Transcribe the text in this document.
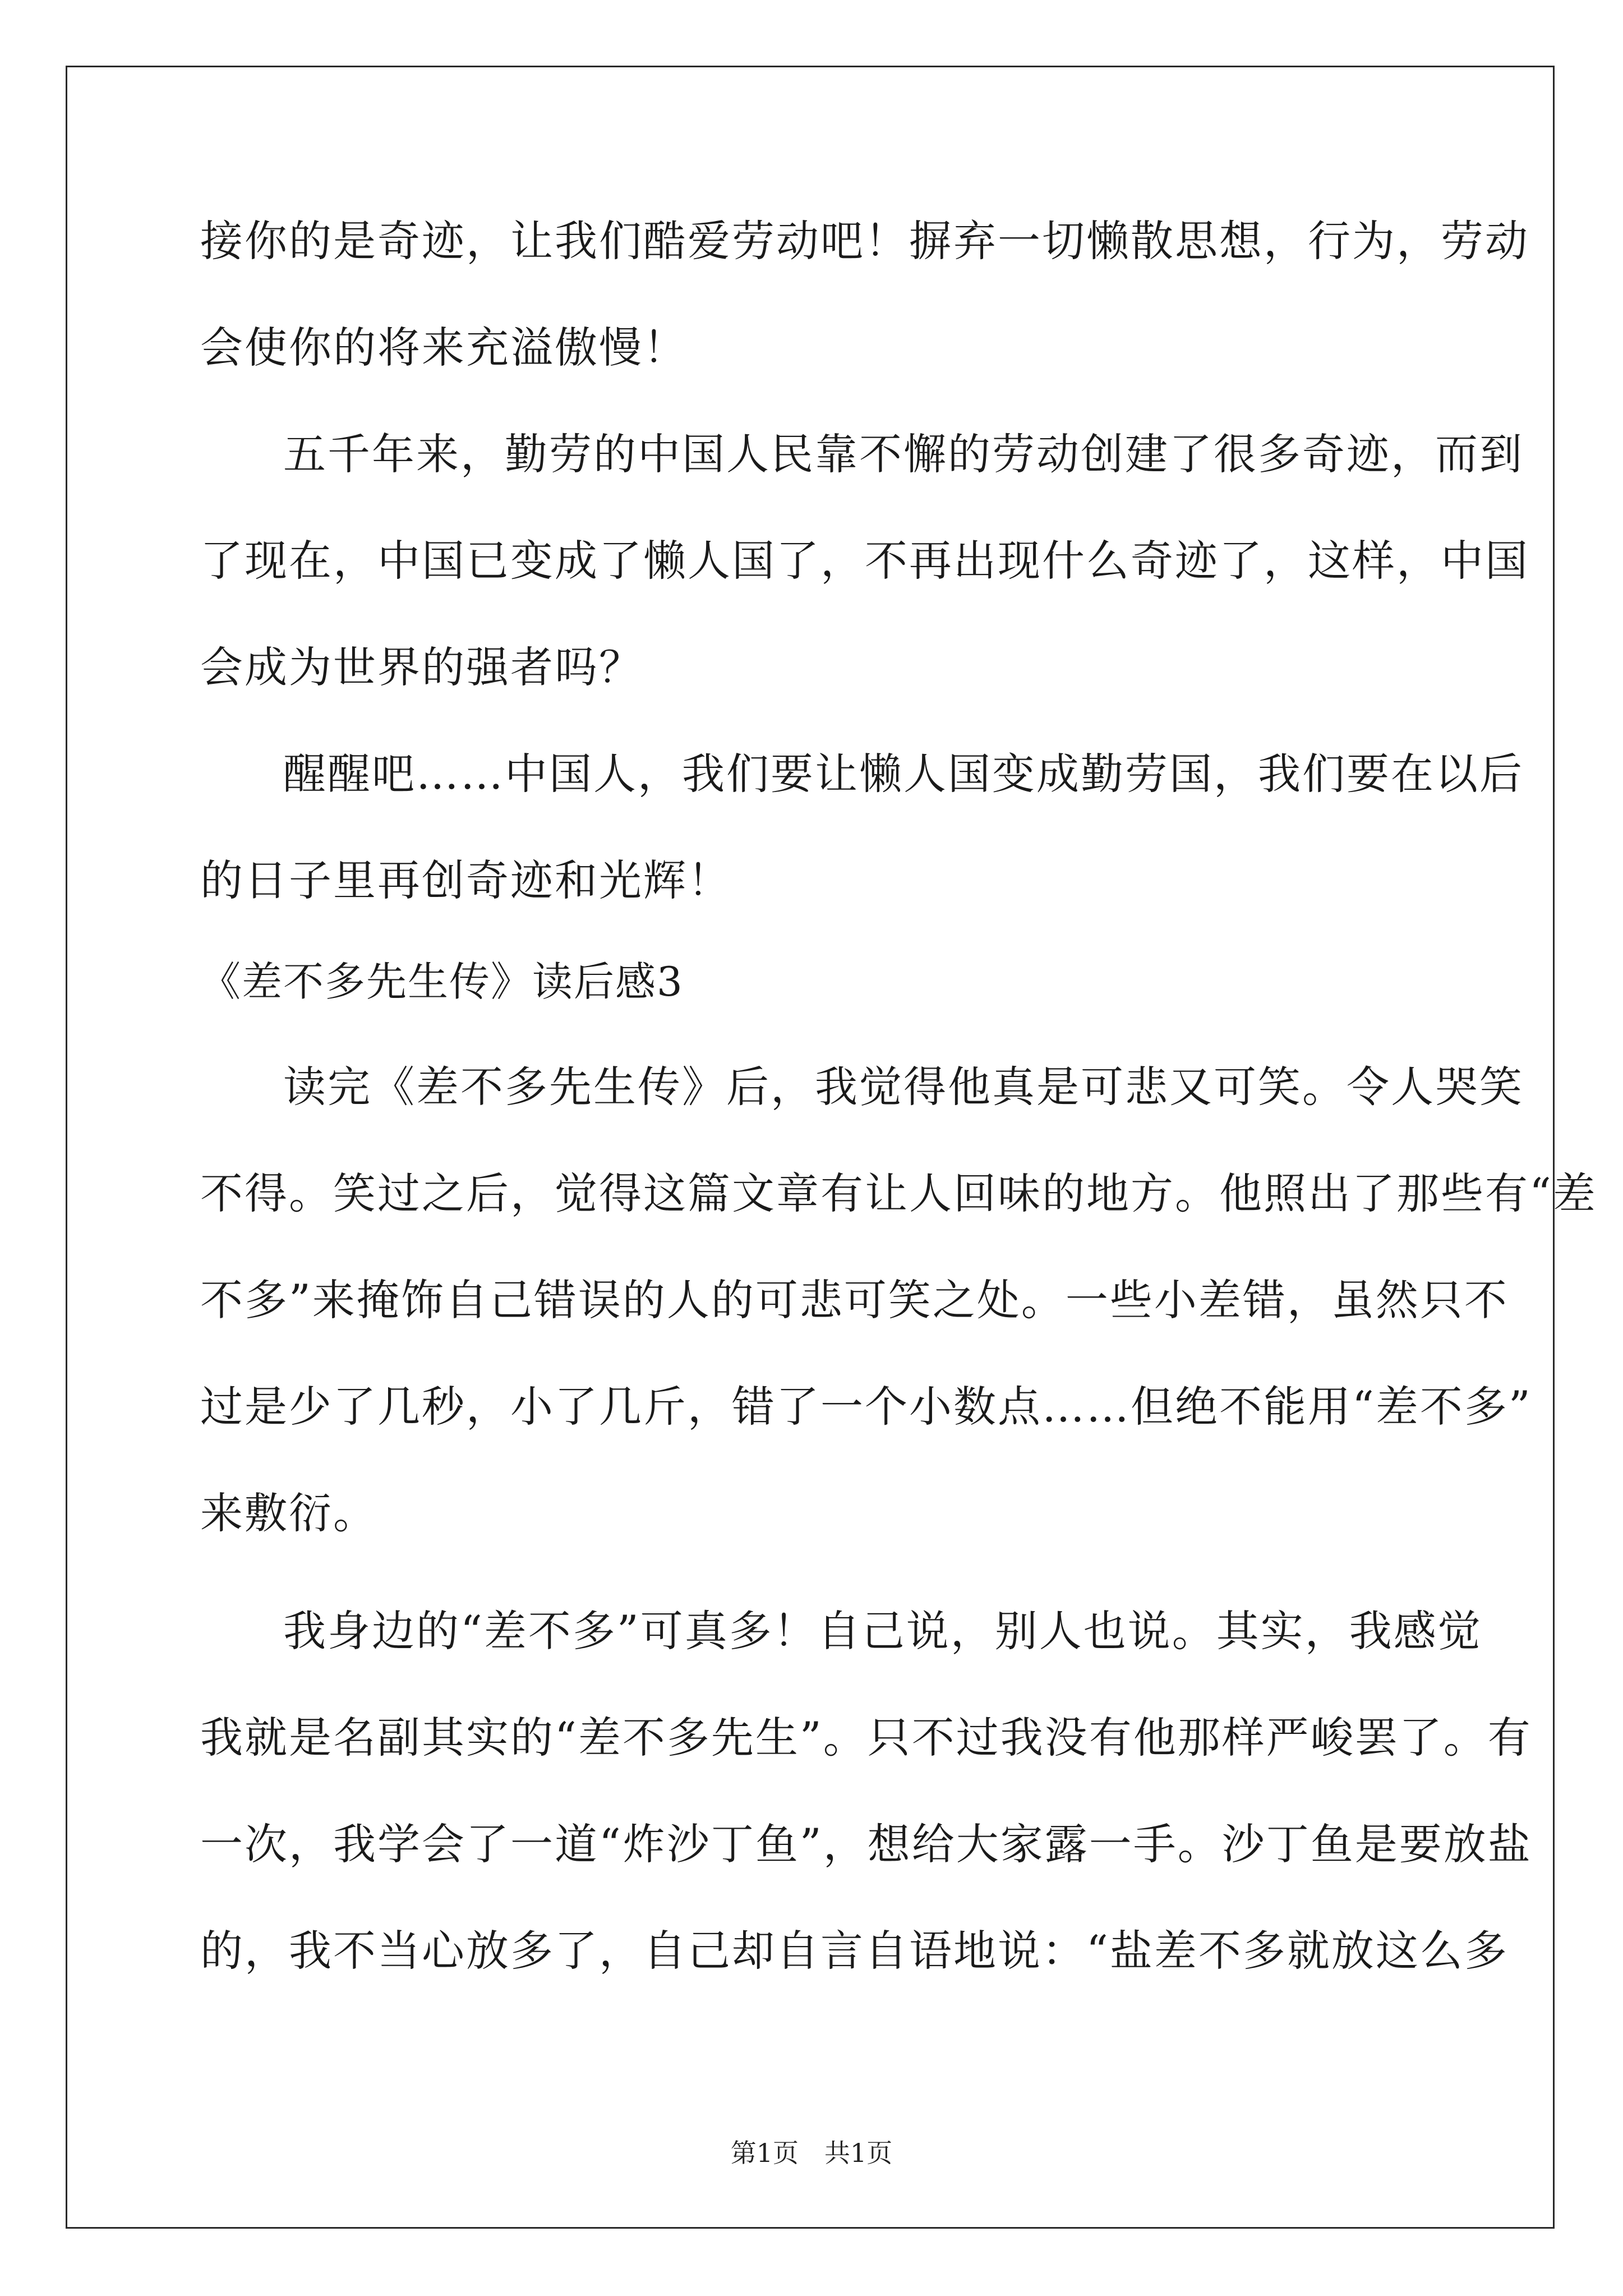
接你的是奇迹，让我们酷爱劳动吧！摒弃一切懒散思想，行为，劳动
会使你的将来充溢傲慢！
五千年来，勤劳的中国人民靠不懈的劳动创建了很多奇迹，而到
了现在，中国已变成了懒人国了，不再出现什么奇迹了，这样，中国
会成为世界的强者吗？
醒醒吧……中国人，我们要让懒人国变成勤劳国，我们要在以后
的日子里再创奇迹和光辉！
《差不多先生传》读后感3
读完《差不多先生传》后，我觉得他真是可悲又可笑。令人哭笑
不得。笑过之后，觉得这篇文章有让人回味的地方。他照出了那些有“差
不多”来掩饰自己错误的人的可悲可笑之处。一些小差错，虽然只不
过是少了几秒，小了几斤，错了一个小数点……但绝不能用“差不多”
来敷衍。
我身边的“差不多”可真多！自己说，别人也说。其实，我感觉
我就是名副其实的“差不多先生”。只不过我没有他那样严峻罢了。有
一次，我学会了一道“炸沙丁鱼”，想给大家露一手。沙丁鱼是要放盐
的，我不当心放多了，自己却自言自语地说：“盐差不多就放这么多
第1页　共1页
